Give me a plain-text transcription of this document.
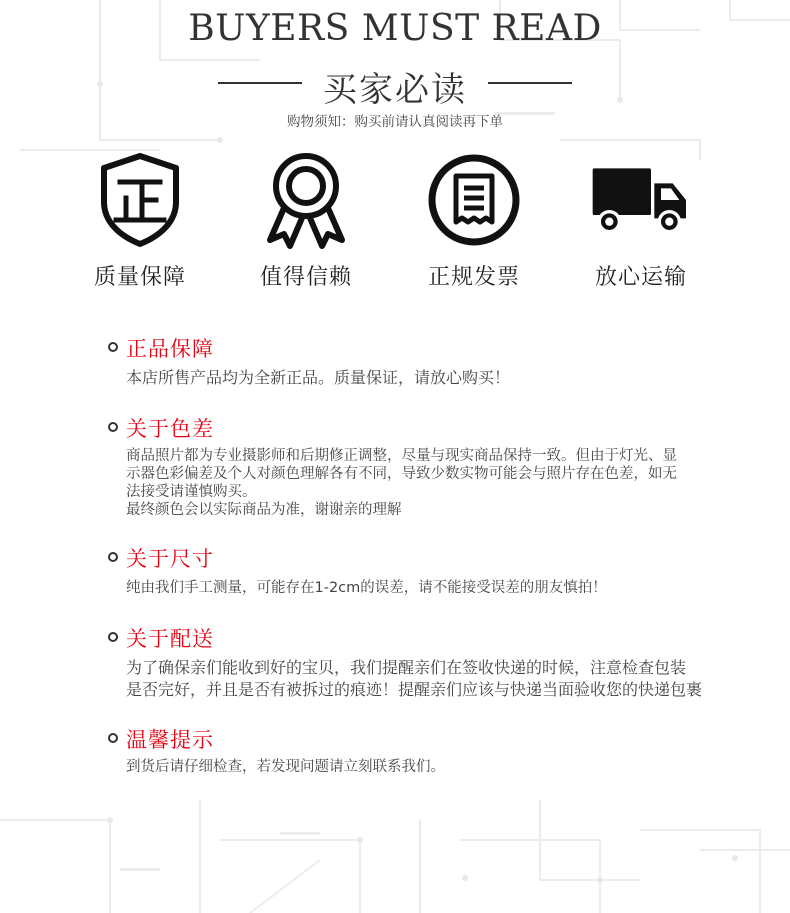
BUYERS MUST READ
买家必读
购物须知：购买前请认真阅读再下单
质量保障	值得信赖	正规发票	放心运输
正品保障

本店所售产品均为全新正品。质量保证，请放心购买！

关于色差

商品照片都为专业摄影师和后期修正调整，尽量与现实商品保持一致。但由于灯光、显

示器色彩偏差及个人对颜色理解各有不同，导致少数实物可能会与照片存在色差，如无

法接受请谨慎购买。

最终颜色会以实际商品为准，谢谢亲的理解

关于尺寸

纯由我们手工测量，可能存在1-2cm的误差，请不能接受误差的朋友慎拍！

关于配送

为了确保亲们能收到好的宝贝，我们提醒亲们在签收快递的时候，注意检查包装

是否完好，并且是否有被拆过的痕迹！提醒亲们应该与快递当面验收您的快递包裹

温馨提示

到货后请仔细检查，若发现问题请立刻联系我们。
